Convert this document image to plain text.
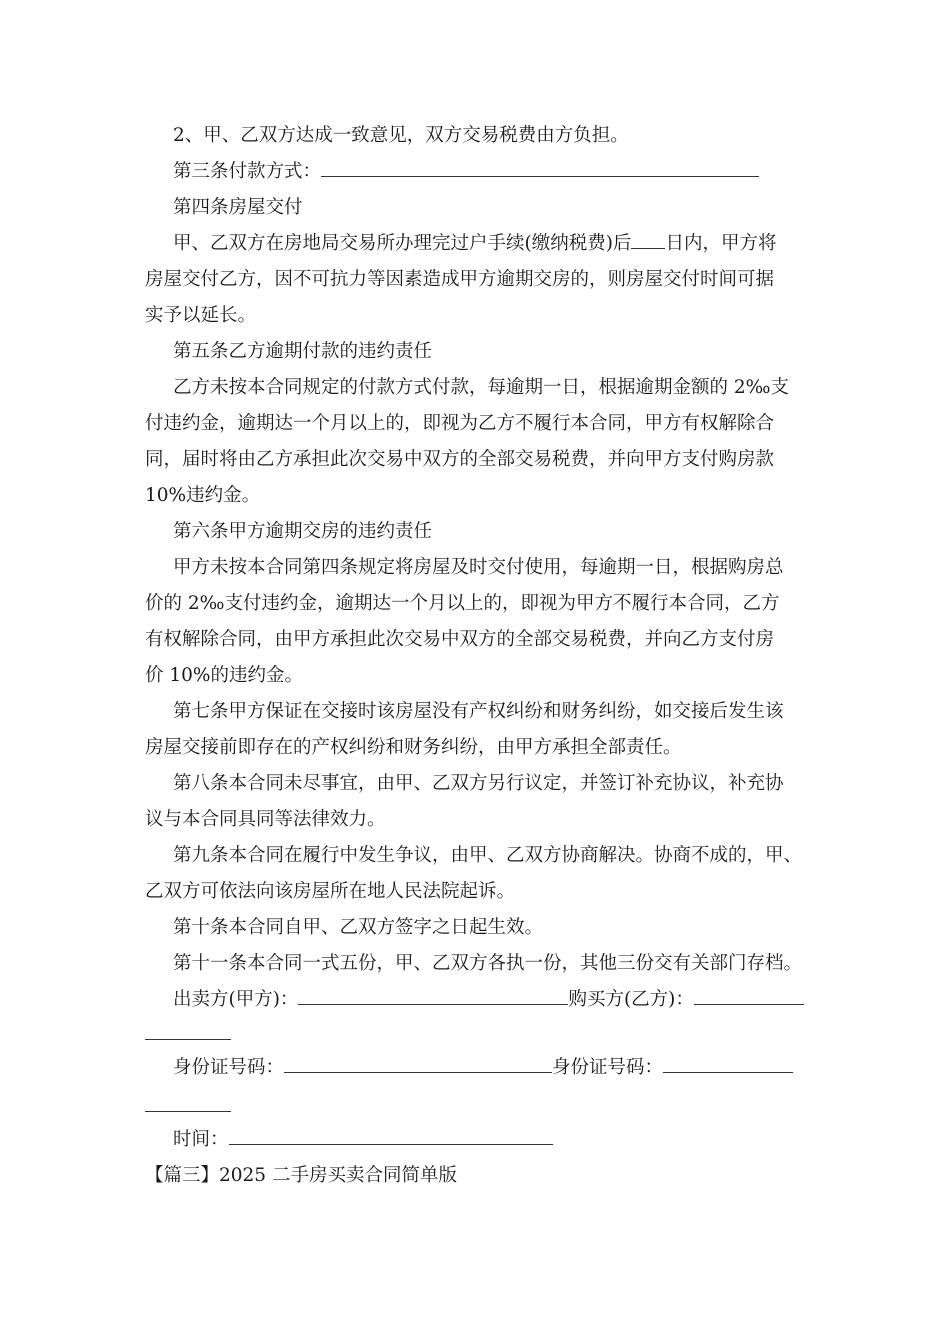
2、甲、乙双方达成一致意见，双方交易税费由方负担。
第三条付款方式：
第四条房屋交付
甲、乙双方在房地局交易所办理完过户手续(缴纳税费)后 日内，甲方将
房屋交付乙方，因不可抗力等因素造成甲方逾期交房的，则房屋交付时间可据
实予以延长。
第五条乙方逾期付款的违约责任
乙方未按本合同规定的付款方式付款，每逾期一日，根据逾期金额的 2‰支
付违约金，逾期达一个月以上的，即视为乙方不履行本合同，甲方有权解除合
同，届时将由乙方承担此次交易中双方的全部交易税费，并向甲方支付购房款
10%违约金。
第六条甲方逾期交房的违约责任
甲方未按本合同第四条规定将房屋及时交付使用，每逾期一日，根据购房总
价的 2‰支付违约金，逾期达一个月以上的，即视为甲方不履行本合同，乙方
有权解除合同，由甲方承担此次交易中双方的全部交易税费，并向乙方支付房
价 10%的违约金。
第七条甲方保证在交接时该房屋没有产权纠纷和财务纠纷，如交接后发生该
房屋交接前即存在的产权纠纷和财务纠纷，由甲方承担全部责任。
第八条本合同未尽事宜，由甲、乙双方另行议定，并签订补充协议，补充协
议与本合同具同等法律效力。
第九条本合同在履行中发生争议，由甲、乙双方协商解决。协商不成的，甲、
乙双方可依法向该房屋所在地人民法院起诉。
第十条本合同自甲、乙双方签字之日起生效。
第十一条本合同一式五份，甲、乙双方各执一份，其他三份交有关部门存档。
出卖方(甲方)：	购买方(乙方)：
身份证号码：	身份证号码：
时间：
【篇三】2025 二手房买卖合同简单版
